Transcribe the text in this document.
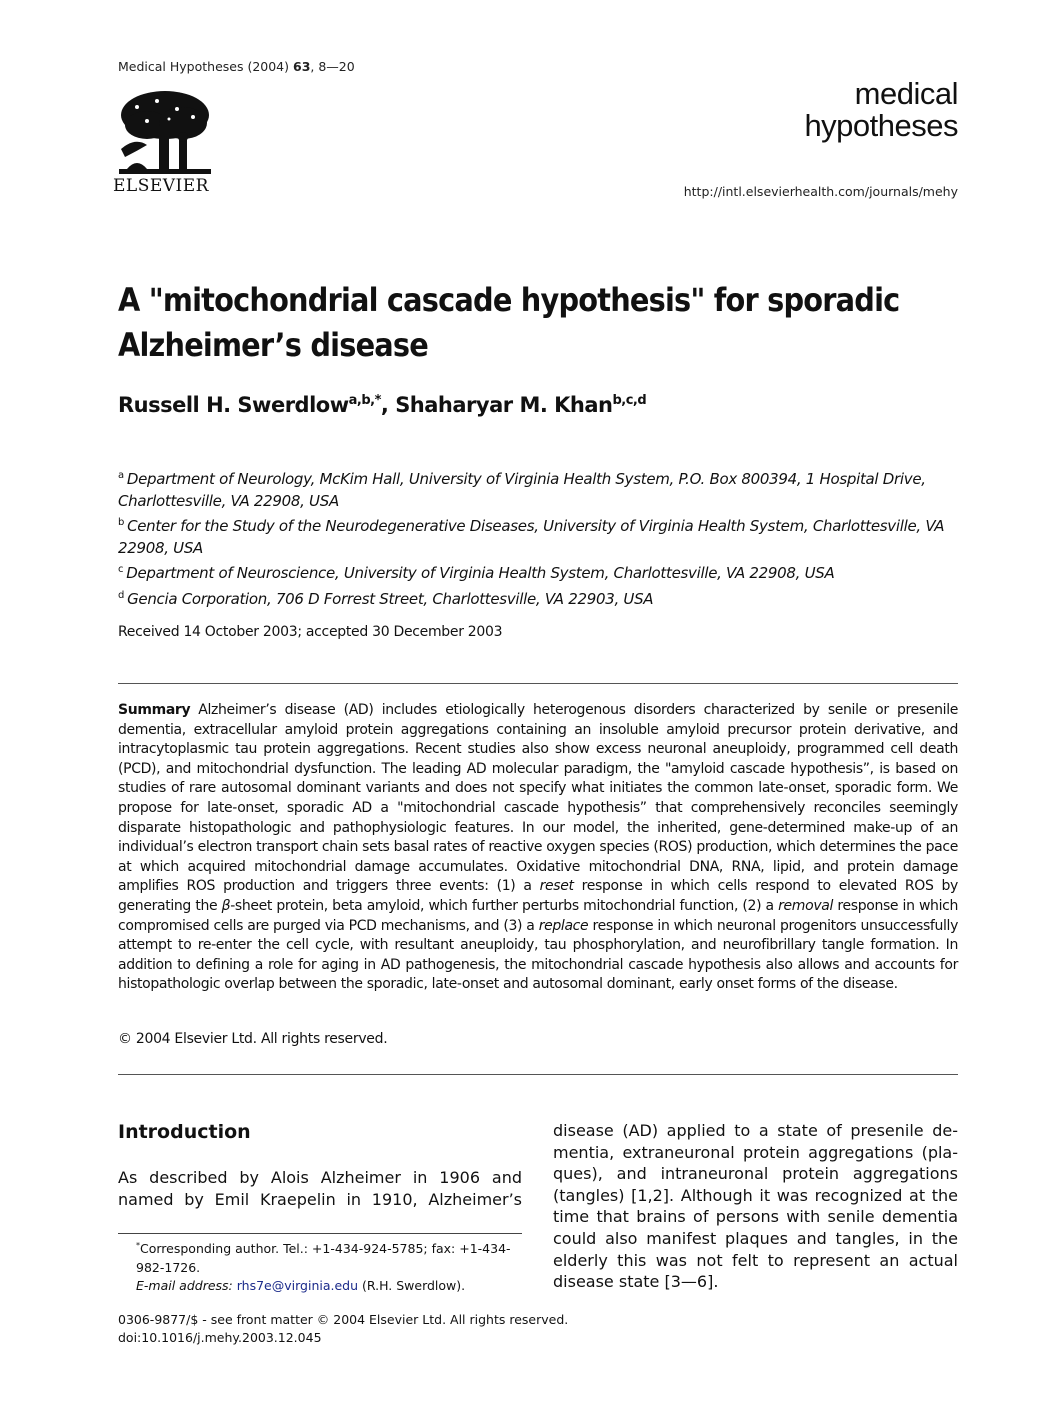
Medical Hypotheses (2004) 63, 8—20
ELSEVIER
medical
hypotheses
http://intl.elsevierhealth.com/journals/mehy
A "mitochondrial cascade hypothesis" for sporadic Alzheimer’s disease
Russell H. Swerdlow$^{a,b,*}$, Shaharyar M. Khan$^{b,c,d}$
$^a$ Department of Neurology, McKim Hall, University of Virginia Health System, P.O. Box 800394, 1 Hospital Drive, Charlottesville, VA 22908, USA
$^b$ Center for the Study of the Neurodegenerative Diseases, University of Virginia Health System, Charlottesville, VA 22908, USA
$^c$ Department of Neuroscience, University of Virginia Health System, Charlottesville, VA 22908, USA
$^d$ Gencia Corporation, 706 D Forrest Street, Charlottesville, VA 22903, USA
Received 14 October 2003; accepted 30 December 2003
Summary Alzheimer’s disease (AD) includes etiologically heterogenous disorders characterized by senile or presenile dementia, extracellular amyloid protein aggregations containing an insoluble amyloid precursor protein derivative, and intracytoplasmic tau protein aggregations. Recent studies also show excess neuronal aneuploidy, programmed cell death (PCD), and mitochondrial dysfunction. The leading AD molecular paradigm, the "amyloid cascade hypothesis”, is based on studies of rare autosomal dominant variants and does not specify what initiates the common late-onset, sporadic form. We propose for late-onset, sporadic AD a "mitochondrial cascade hypothesis” that comprehensively reconciles seemingly disparate histopathologic and pathophysiologic features. In our model, the inherited, gene-determined make-up of an individual’s electron transport chain sets basal rates of reactive oxygen species (ROS) production, which determines the pace at which acquired mitochondrial damage accumulates. Oxidative mitochondrial DNA, RNA, lipid, and protein damage amplifies ROS production and triggers three events: (1) a reset response in which cells respond to elevated ROS by generating the β-sheet protein, beta amyloid, which further perturbs mitochondrial function, (2) a removal response in which compromised cells are purged via PCD mechanisms, and (3) a replace response in which neuronal progenitors unsuccessfully attempt to re-enter the cell cycle, with resultant aneuploidy, tau phosphorylation, and neurofibrillary tangle formation. In addition to defining a role for aging in AD pathogenesis, the mitochondrial cascade hypothesis also allows and accounts for histopathologic overlap between the sporadic, late-onset and autosomal dominant, early onset forms of the disease.
© 2004 Elsevier Ltd. All rights reserved.
Introduction
As described by Alois Alzheimer in 1906 and named by Emil Kraepelin in 1910, Alzheimer’s
disease (AD) applied to a state of presenile de-mentia, extraneuronal protein aggregations (pla-ques), and intraneuronal protein aggregations (tangles) [1,2]. Although it was recognized at the time that brains of persons with senile dementia could also manifest plaques and tangles, in the elderly this was not felt to represent an actual disease state [3—6].
*Corresponding author. Tel.: +1-434-924-5785; fax: +1-434-982-1726.
E-mail address: rhs7e@virginia.edu (R.H. Swerdlow).
0306-9877/$ - see front matter © 2004 Elsevier Ltd. All rights reserved.
doi:10.1016/j.mehy.2003.12.045
